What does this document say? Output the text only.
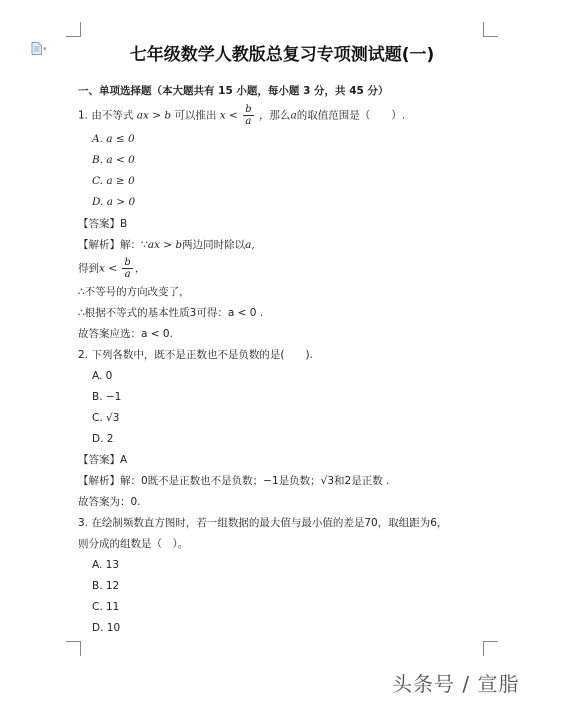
▾	七年级数学人教版总复习专项测试题(一)
一、单项选择题（本大题共有 15 小题，每小题 3 分，共 45 分）
1. 由不等式 ax > b 可以推出 $x < \frac{b}{a}$ ，那么a的取值范围是（　　）.
A. a ≤ 0
B. a < 0
C. a ≥ 0
D. a > 0
【答案】B
【解析】解：∵ax > b两边同时除以a,
得到$x < \frac{b}{a}$ ，
∴不等号的方向改变了，
∴根据不等式的基本性质3可得：a < 0 .
故答案应选：a < 0.
2. 下列各数中，既不是正数也不是负数的是(　　).
A. 0
B. −1
C. √3
D. 2
【答案】A
【解析】解：0既不是正数也不是负数；−1是负数；√3和2是正数 .
故答案为：0.
3. 在绘制频数直方图时，若一组数据的最大值与最小值的差是70，取组距为6，
则分成的组数是（　）。
A. 13
B. 12
C. 11
D. 10
头条号 / 宣脂
